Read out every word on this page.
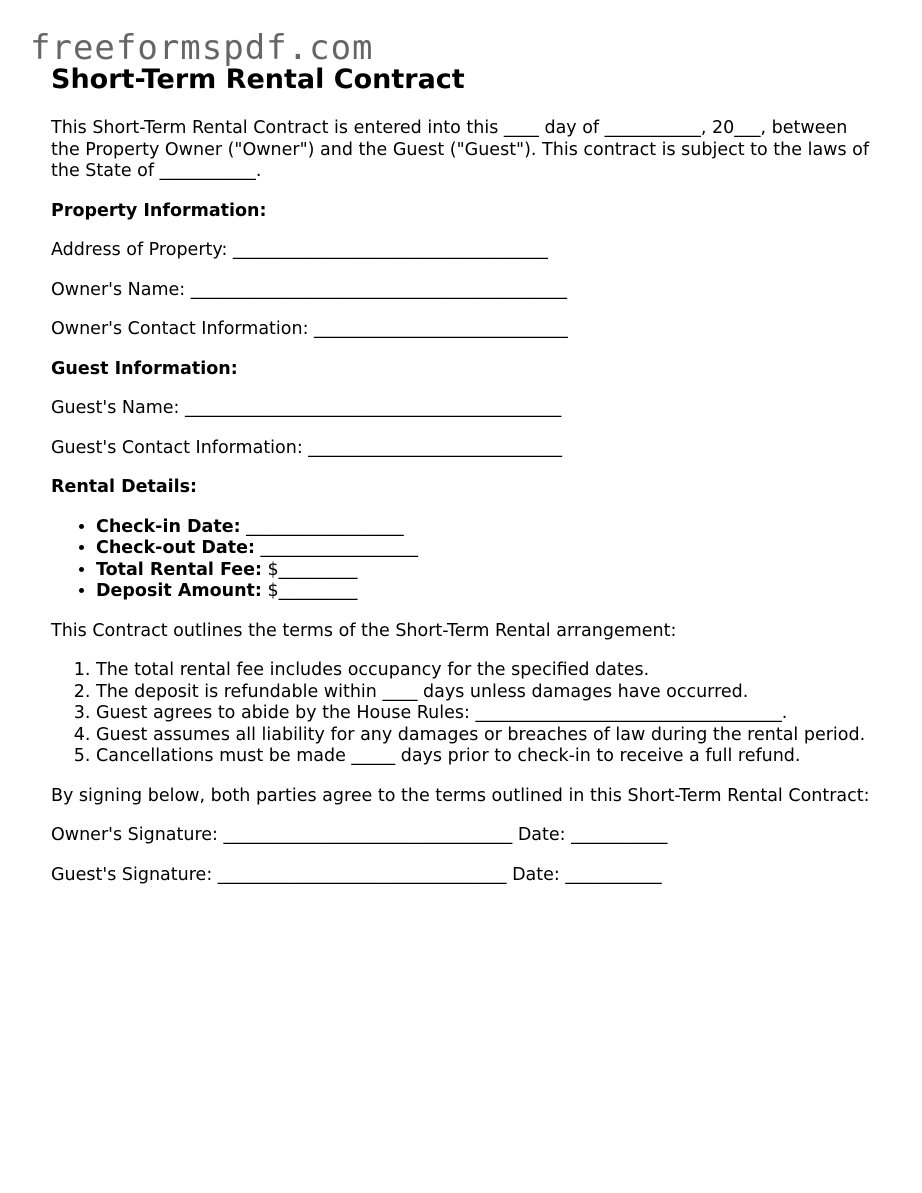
freeformspdf.com
Short-Term Rental Contract

This Short-Term Rental Contract is entered into this ____ day of ___________, 20___, between the Property Owner ("Owner") and the Guest ("Guest"). This contract is subject to the laws of the State of ___________.

Property Information:

Address of Property: ____________________________________

Owner's Name: ___________________________________________

Owner's Contact Information: _____________________________

Guest Information:

Guest's Name: ___________________________________________

Guest's Contact Information: _____________________________

Rental Details:

• Check-in Date: __________________
• Check-out Date: __________________
• Total Rental Fee: $_________
• Deposit Amount: $_________

This Contract outlines the terms of the Short-Term Rental arrangement:

1. The total rental fee includes occupancy for the specified dates.
2. The deposit is refundable within ____ days unless damages have occurred.
3. Guest agrees to abide by the House Rules: ___________________________________.
4. Guest assumes all liability for any damages or breaches of law during the rental period.
5. Cancellations must be made _____ days prior to check-in to receive a full refund.

By signing below, both parties agree to the terms outlined in this Short-Term Rental Contract:

Owner's Signature: _________________________________ Date: ___________

Guest's Signature: _________________________________ Date: ___________
